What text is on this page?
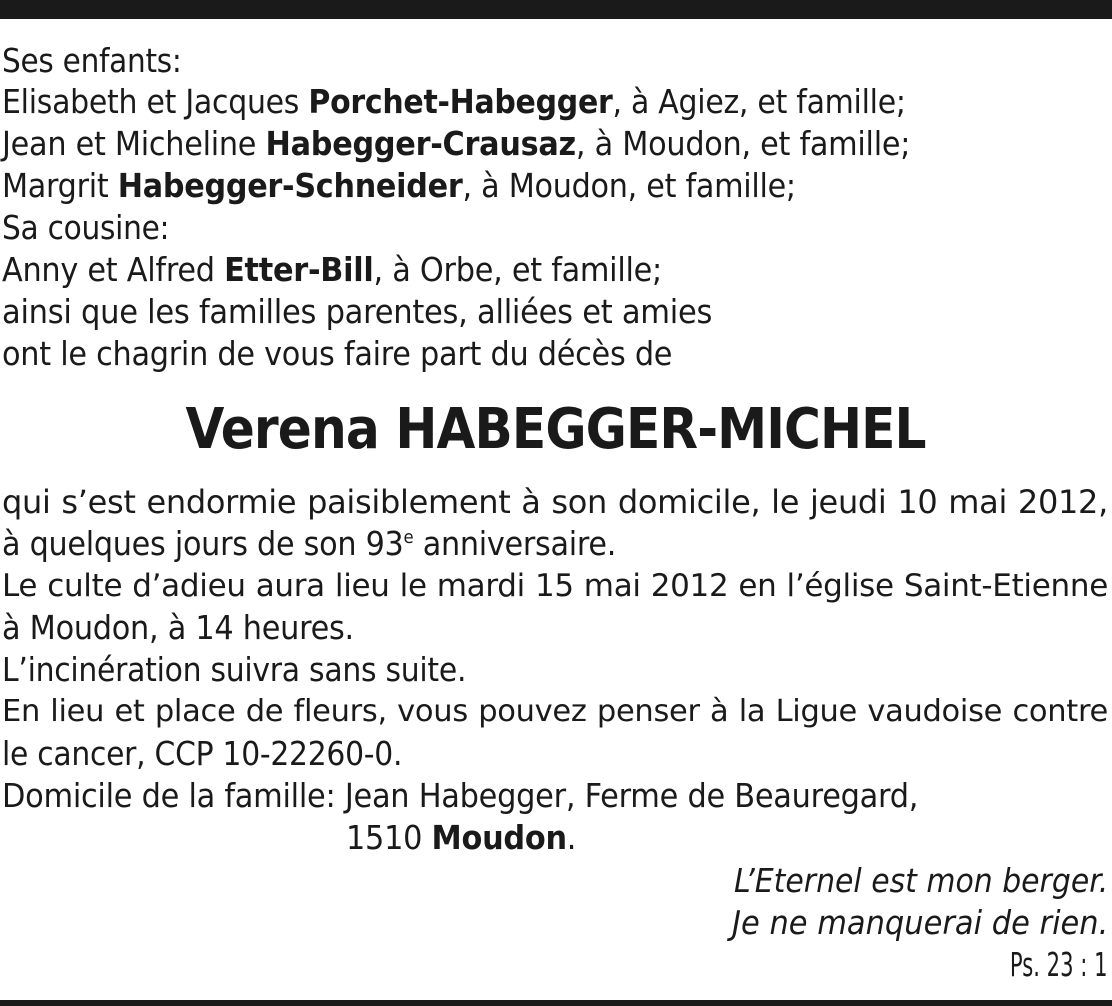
Ses enfants:
Elisabeth et Jacques Porchet-Habegger, à Agiez, et famille;
Jean et Micheline Habegger-Crausaz, à Moudon, et famille;
Margrit Habegger-Schneider, à Moudon, et famille;
Sa cousine:
Anny et Alfred Etter-Bill, à Orbe, et famille;
ainsi que les familles parentes, alliées et amies
ont le chagrin de vous faire part du décès de
Verena HABEGGER-MICHEL
qui s’est endormie paisiblement à son domicile, le jeudi 10 mai 2012,
à quelques jours de son 93e anniversaire.
Le culte d’adieu aura lieu le mardi 15 mai 2012 en l’église Saint-Etienne
à Moudon, à 14 heures.
L’incinération suivra sans suite.
En lieu et place de fleurs, vous pouvez penser à la Ligue vaudoise contre
le cancer, CCP 10-22260-0.
Domicile de la famille: Jean Habegger, Ferme de Beauregard,
1510 Moudon.
L’Eternel est mon berger.
Je ne manquerai de rien.
Ps. 23 : 1
